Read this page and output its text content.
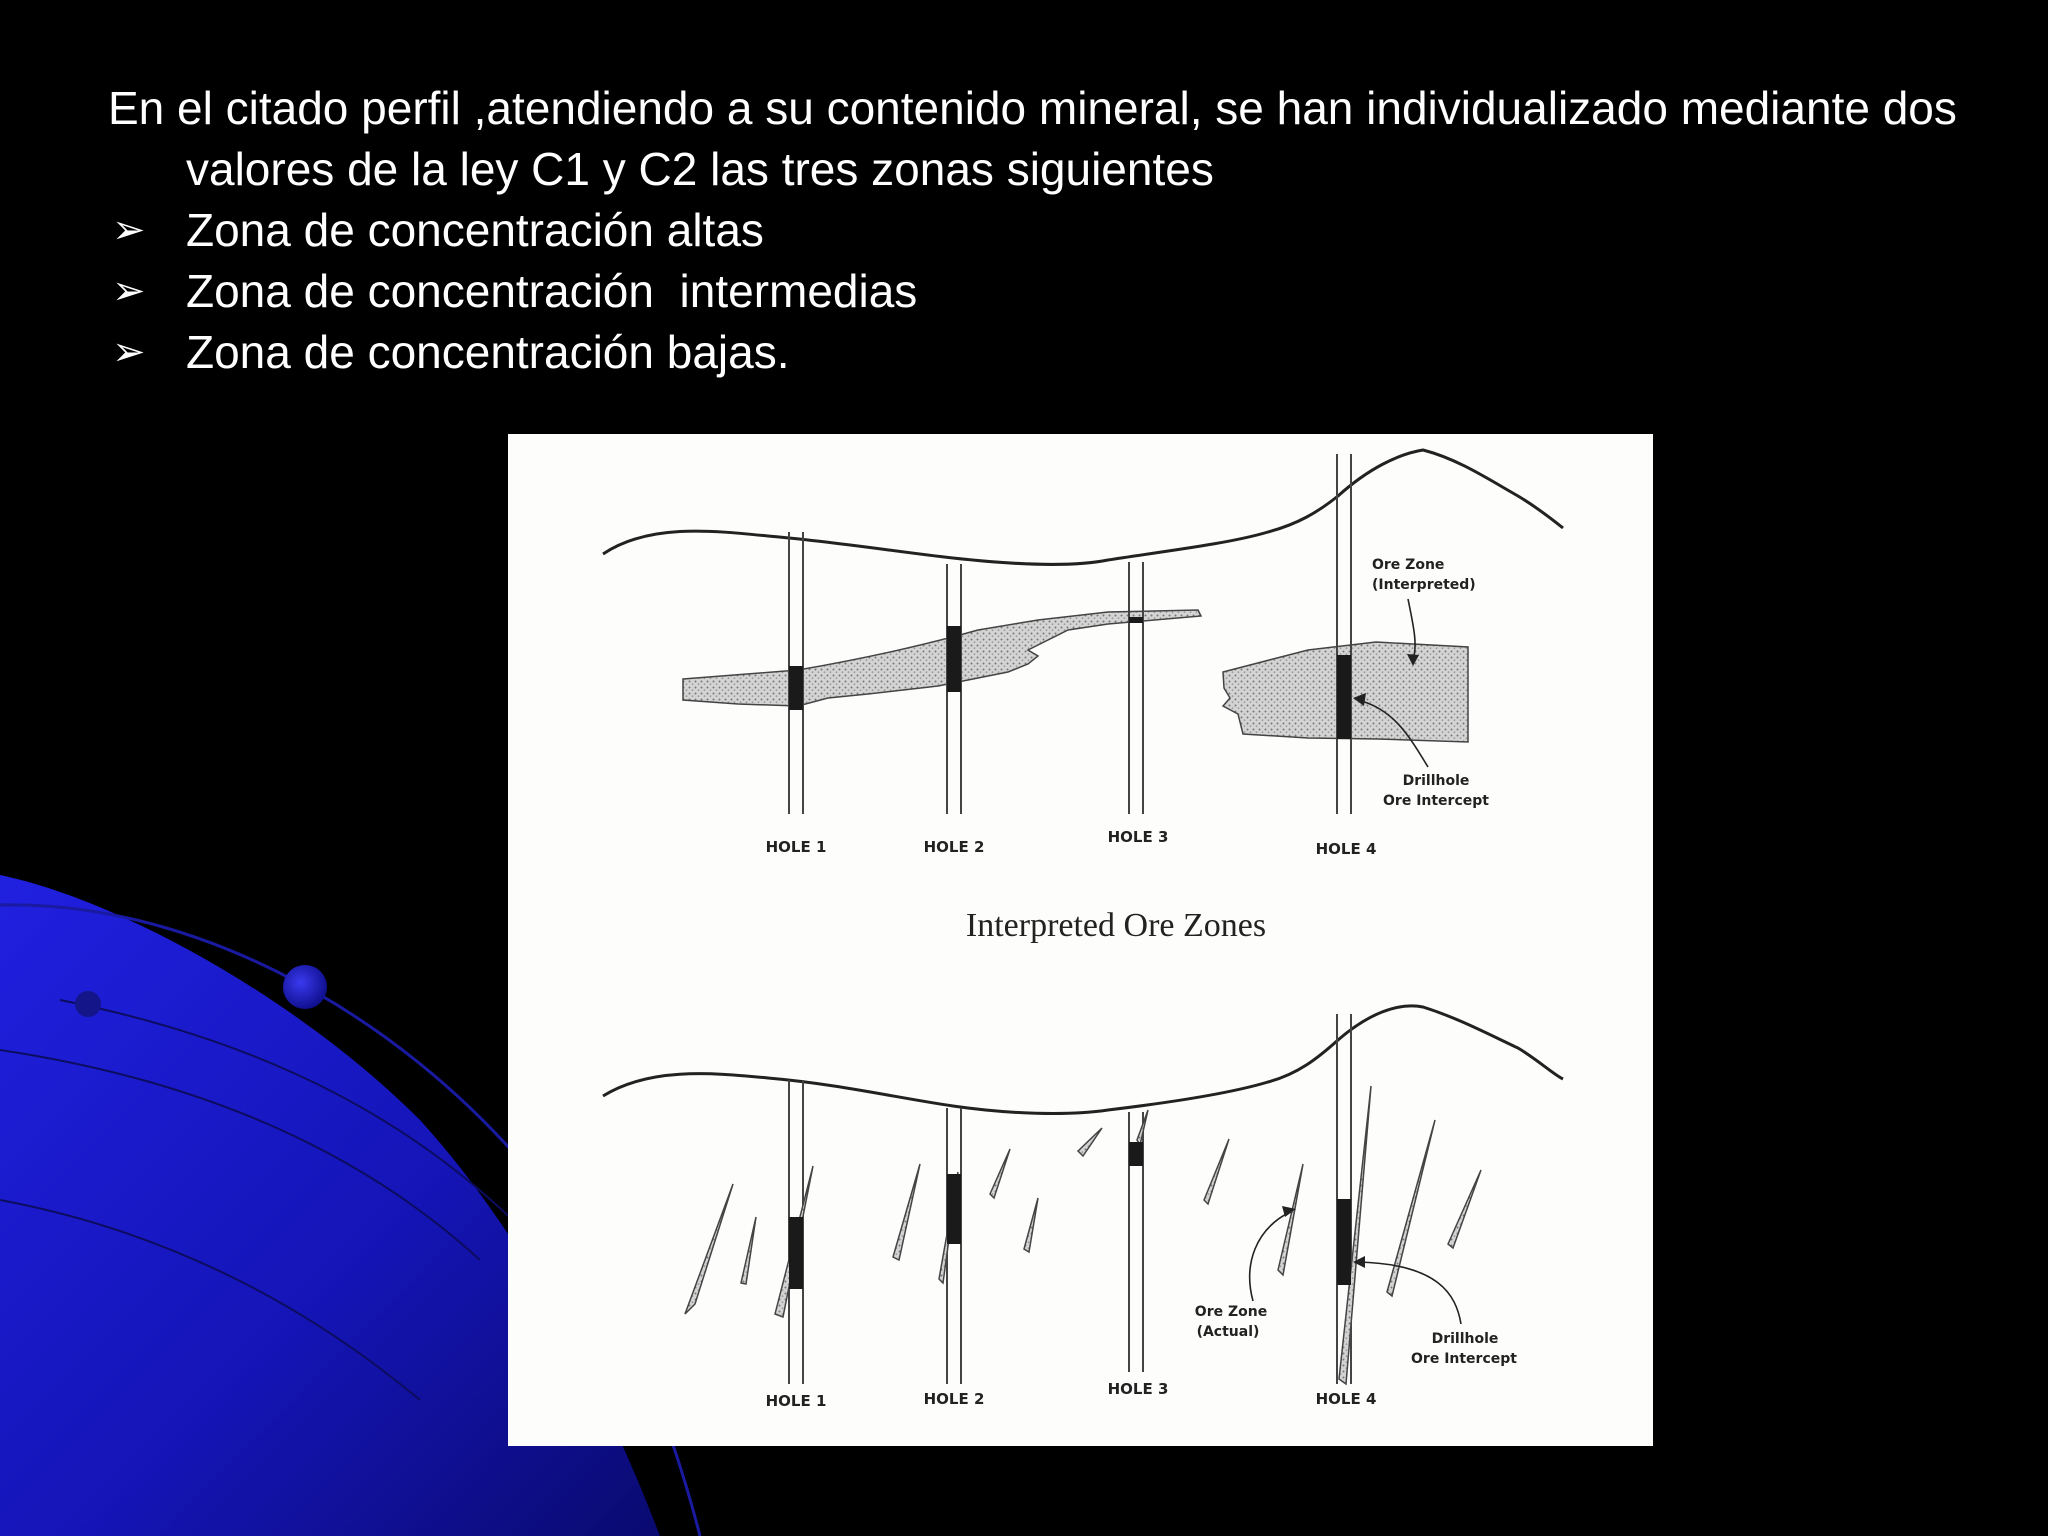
En el citado perfil ,atendiendo a su contenido mineral, se han individualizado mediante dos valores de la ley C1 y C2 las tres zonas siguientes

➢ Zona de concentración altas
➢ Zona de concentración  intermedias
➢ Zona de concentración bajas.
HOLE 1	HOLE 2
HOLE 3
HOLE 4
Ore Zone
(Interpreted)
Drillhole
Ore Intercept
Interpreted Ore Zones
HOLE 1	HOLE 2
HOLE 3
HOLE 4
Ore Zone
(Actual)	Drillhole
Ore Intercept
